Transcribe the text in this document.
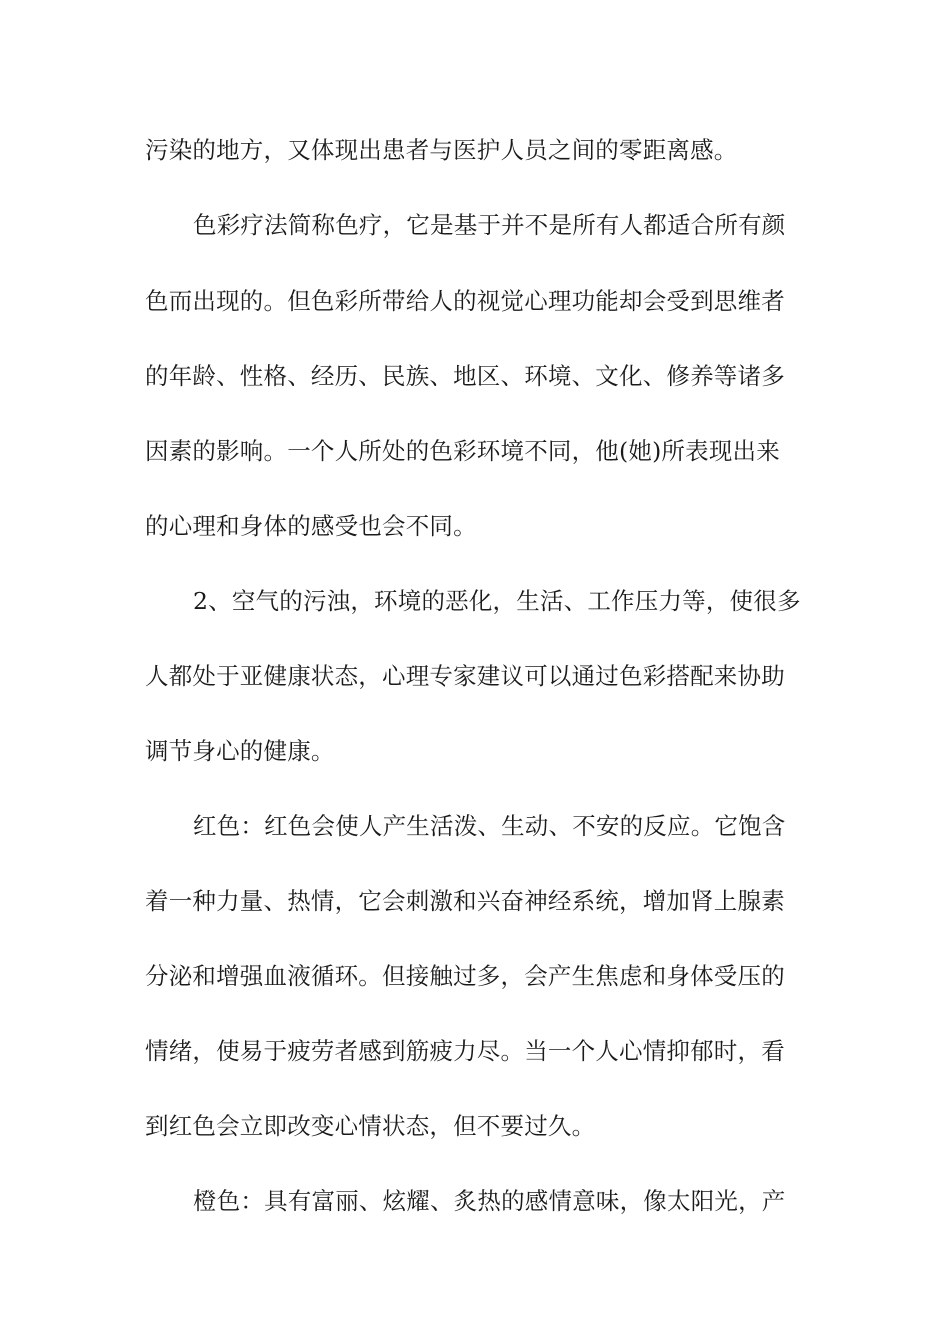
污染的地方，又体现出患者与医护人员之间的零距离感。
色彩疗法简称色疗，它是基于并不是所有人都适合所有颜
色而出现的。但色彩所带给人的视觉心理功能却会受到思维者
的年龄、性格、经历、民族、地区、环境、文化、修养等诸多
因素的影响。一个人所处的色彩环境不同，他(她)所表现出来
的心理和身体的感受也会不同。
2、空气的污浊，环境的恶化，生活、工作压力等，使很多
人都处于亚健康状态，心理专家建议可以通过色彩搭配来协助
调节身心的健康。
红色：红色会使人产生活泼、生动、不安的反应。它饱含
着一种力量、热情，它会刺激和兴奋神经系统，增加肾上腺素
分泌和增强血液循环。但接触过多，会产生焦虑和身体受压的
情绪，使易于疲劳者感到筋疲力尽。当一个人心情抑郁时，看
到红色会立即改变心情状态，但不要过久。
橙色：具有富丽、炫耀、炙热的感情意味，像太阳光，产
